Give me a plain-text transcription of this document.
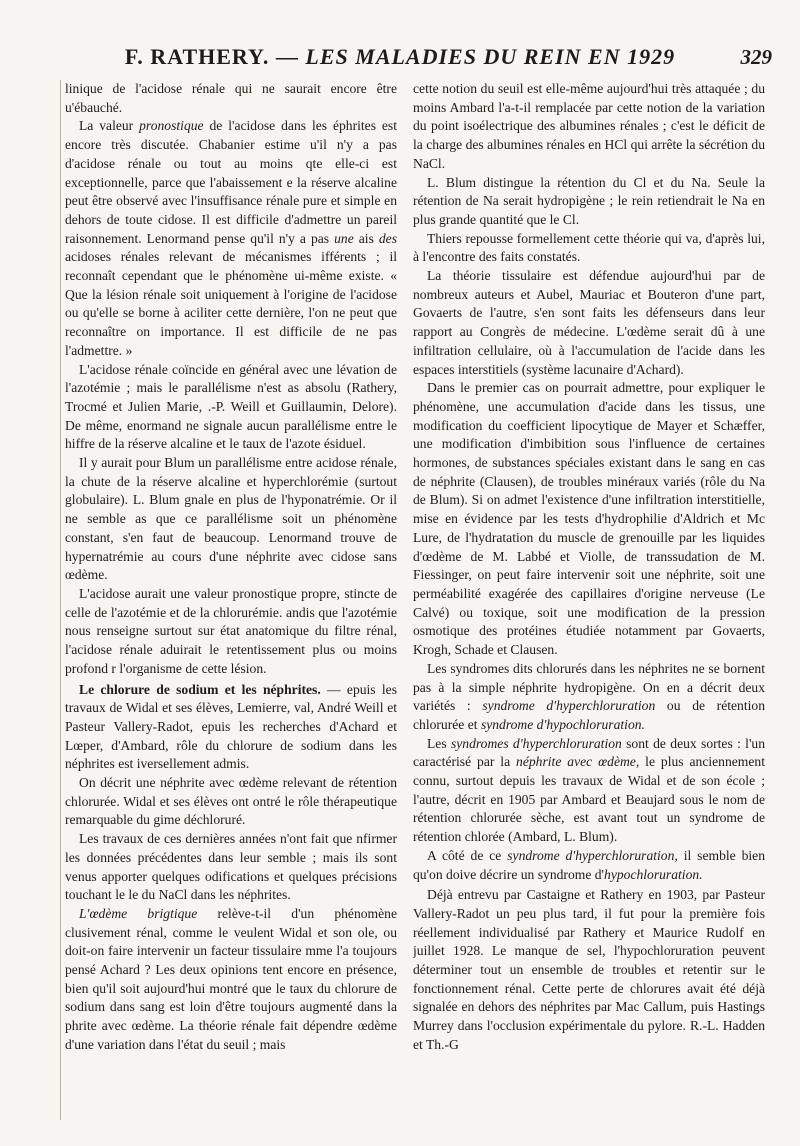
F. RATHERY. — LES MALADIES DU REIN EN 1929	329

linique de l'acidose rénale qui ne saurait encore être u'ébauché.

La valeur pronostique de l'acidose dans les éphrites est encore très discutée. Chabanier estime u'il n'y a pas d'acidose rénale ou tout au moins qte elle-ci est exceptionnelle, parce que l'abaissement e la réserve alcaline peut être observé avec l'insuffisance rénale pure et simple en dehors de toute cidose. Il est difficile d'admettre un pareil raisonnement. Lenormand pense qu'il n'y a pas une ais des acidoses rénales relevant de mécanismes ifférents ; il reconnaît cependant que le phénomène ui-même existe. « Que la lésion rénale soit uniquement à l'origine de l'acidose ou qu'elle se borne à aciliter cette dernière, l'on ne peut que reconnaître on importance. Il est difficile de ne pas l'admettre. »

L'acidose rénale coïncide en général avec une lévation de l'azotémie ; mais le parallélisme n'est as absolu (Rathery, Trocmé et Julien Marie, .-P. Weill et Guillaumin, Delore). De même, enormand ne signale aucun parallélisme entre le hiffre de la réserve alcaline et le taux de l'azote ésiduel.

Il y aurait pour Blum un parallélisme entre acidose rénale, la chute de la réserve alcaline et hyperchlorémie (surtout globulaire). L. Blum gnale en plus de l'hyponatrémie. Or il ne semble as que ce parallélisme soit un phénomène constant, s'en faut de beaucoup. Lenormand trouve de hypernatrémie au cours d'une néphrite avec cidose sans œdème.

L'acidose aurait une valeur pronostique propre, stincte de celle de l'azotémie et de la chlorurémie. andis que l'azotémie nous renseigne surtout sur état anatomique du filtre rénal, l'acidose rénale aduirait le retentissement plus ou moins profond r l'organisme de cette lésion.

Le chlorure de sodium et les néphrites. — epuis les travaux de Widal et ses élèves, Lemierre, val, André Weill et Pasteur Vallery-Radot, epuis les recherches d'Achard et Lœper, d'Ambard, rôle du chlorure de sodium dans les néphrites est iversellement admis.

On décrit une néphrite avec œdème relevant de rétention chlorurée. Widal et ses élèves ont ontré le rôle thérapeutique remarquable du gime déchloruré.

Les travaux de ces dernières années n'ont fait que nfirmer les données précédentes dans leur semble ; mais ils sont venus apporter quelques odifications et quelques précisions touchant le le du NaCl dans les néphrites.

L'œdème brigtique relève-t-il d'un phénomène clusivement rénal, comme le veulent Widal et son ole, ou doit-on faire intervenir un facteur tissulaire mme l'a toujours pensé Achard ? Les deux opinions tent encore en présence, bien qu'il soit aujourd'hui montré que le taux du chlorure de sodium dans sang est loin d'être toujours augmenté dans la phrite avec œdème. La théorie rénale fait dépendre œdème d'une variation dans l'état du seuil ; mais

cette notion du seuil est elle-même aujourd'hui très attaquée ; du moins Ambard l'a-t-il remplacée par cette notion de la variation du point isoélectrique des albumines rénales ; c'est le déficit de la charge des albumines rénales en HCl qui arrête la sécrétion du NaCl.

L. Blum distingue la rétention du Cl et du Na. Seule la rétention de Na serait hydropigène ; le rein retiendrait le Na en plus grande quantité que le Cl.

Thiers repousse formellement cette théorie qui va, d'après lui, à l'encontre des faits constatés.

La théorie tissulaire est défendue aujourd'hui par de nombreux auteurs et Aubel, Mauriac et Bouteron d'une part, Govaerts de l'autre, s'en sont faits les défenseurs dans leur rapport au Congrès de médecine. L'œdème serait dû à une infiltration cellulaire, où à l'accumulation de l'acide dans les espaces interstitiels (système lacunaire d'Achard).

Dans le premier cas on pourrait admettre, pour expliquer le phénomène, une accumulation d'acide dans les tissus, une modification du coefficient lipocytique de Mayer et Schæffer, une modification d'imbibition sous l'influence de certaines hormones, de substances spéciales existant dans le sang en cas de néphrite (Clausen), de troubles minéraux variés (rôle du Na de Blum). Si on admet l'existence d'une infiltration interstitielle, mise en évidence par les tests d'hydrophilie d'Aldrich et Mc Lure, de l'hydratation du muscle de grenouille par les liquides d'œdème de M. Labbé et Violle, de transsudation de M. Fiessinger, on peut faire intervenir soit une néphrite, soit une perméabilité exagérée des capillaires d'origine nerveuse (Le Calvé) ou toxique, soit une modification de la pression osmotique des protéines étudiée notamment par Govaerts, Krogh, Schade et Clausen.

Les syndromes dits chlorurés dans les néphrites ne se bornent pas à la simple néphrite hydropigène. On en a décrit deux variétés : syndrome d'hyperchloruration ou de rétention chlorurée et syndrome d'hypochloruration.

Les syndromes d'hyperchloruration sont de deux sortes : l'un caractérisé par la néphrite avec œdème, le plus anciennement connu, surtout depuis les travaux de Widal et de son école ; l'autre, décrit en 1905 par Ambard et Beaujard sous le nom de rétention chlorurée sèche, est avant tout un syndrome de rétention chlorée (Ambard, L. Blum).

A côté de ce syndrome d'hyperchloruration, il semble bien qu'on doive décrire un syndrome d'hypochloruration.

Déjà entrevu par Castaigne et Rathery en 1903, par Pasteur Vallery-Radot un peu plus tard, il fut pour la première fois réellement individualisé par Rathery et Maurice Rudolf en juillet 1928. Le manque de sel, l'hypochloruration peuvent déterminer tout un ensemble de troubles et retentir sur le fonctionnement rénal. Cette perte de chlorures avait été déjà signalée en dehors des néphrites par Mac Callum, puis Hastings Murrey dans l'occlusion expérimentale du pylore. R.-L. Hadden et Th.-G
